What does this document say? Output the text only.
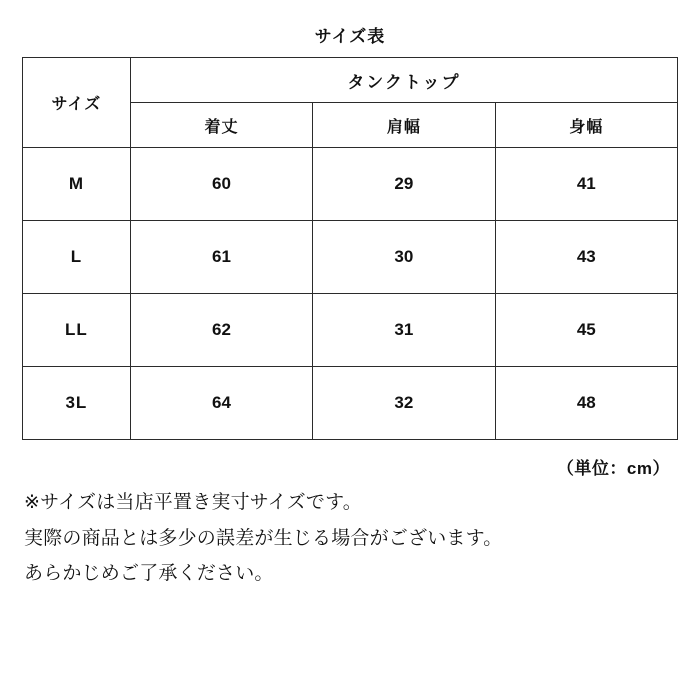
サイズ表
サイズ	タンクトップ		
	着丈	肩幅	身幅
M	60	29	41
L	61	30	43
LL	62	31	45
3L	64	32	48
（単位：cm）

※サイズは当店平置き実寸サイズです。

実際の商品とは多少の誤差が生じる場合がございます。

あらかじめご了承ください。
